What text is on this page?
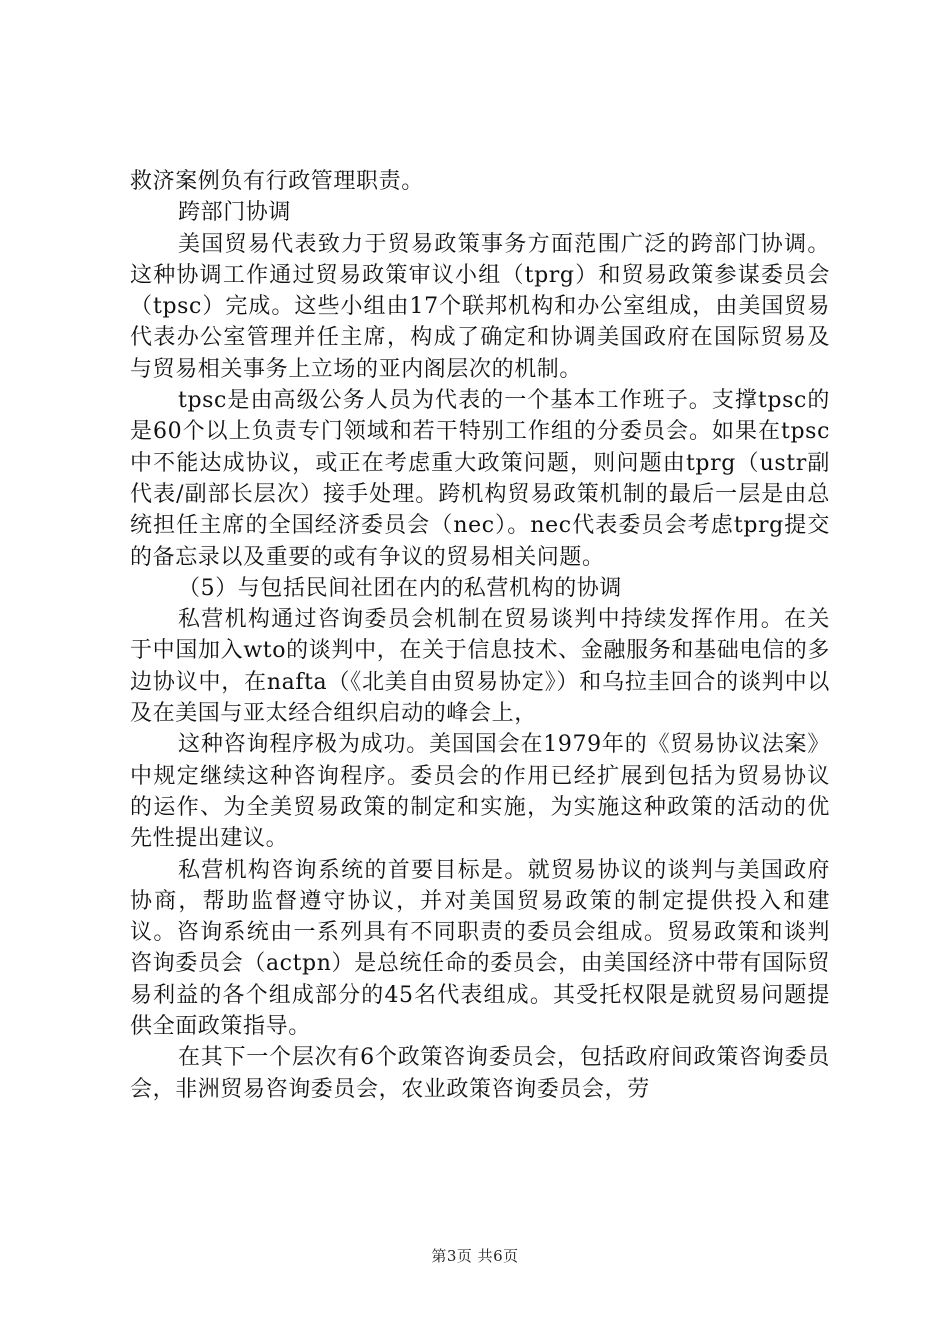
救济案例负有行政管理职责。

跨部门协调

美国贸易代表致力于贸易政策事务方面范围广泛的跨部门协调。这种协调工作通过贸易政策审议小组（tprg）和贸易政策参谋委员会（tpsc）完成。这些小组由17个联邦机构和办公室组成，由美国贸易代表办公室管理并任主席，构成了确定和协调美国政府在国际贸易及与贸易相关事务上立场的亚内阁层次的机制。

tpsc是由高级公务人员为代表的一个基本工作班子。支撑tpsc的是60个以上负责专门领域和若干特别工作组的分委员会。如果在tpsc中不能达成协议，或正在考虑重大政策问题，则问题由tprg（ustr副代表/副部长层次）接手处理。跨机构贸易政策机制的最后一层是由总统担任主席的全国经济委员会（nec）。nec代表委员会考虑tprg提交的备忘录以及重要的或有争议的贸易相关问题。

（5）与包括民间社团在内的私营机构的协调

私营机构通过咨询委员会机制在贸易谈判中持续发挥作用。在关于中国加入wto的谈判中，在关于信息技术、金融服务和基础电信的多边协议中，在nafta（《北美自由贸易协定》）和乌拉圭回合的谈判中以及在美国与亚太经合组织启动的峰会上，

这种咨询程序极为成功。美国国会在1979年的《贸易协议法案》中规定继续这种咨询程序。委员会的作用已经扩展到包括为贸易协议的运作、为全美贸易政策的制定和实施，为实施这种政策的活动的优先性提出建议。

私营机构咨询系统的首要目标是。就贸易协议的谈判与美国政府协商，帮助监督遵守协议，并对美国贸易政策的制定提供投入和建议。咨询系统由一系列具有不同职责的委员会组成。贸易政策和谈判咨询委员会（actpn）是总统任命的委员会，由美国经济中带有国际贸易利益的各个组成部分的45名代表组成。其受托权限是就贸易问题提供全面政策指导。

在其下一个层次有6个政策咨询委员会，包括政府间政策咨询委员会，非洲贸易咨询委员会，农业政策咨询委员会，劳

第3页 共6页
